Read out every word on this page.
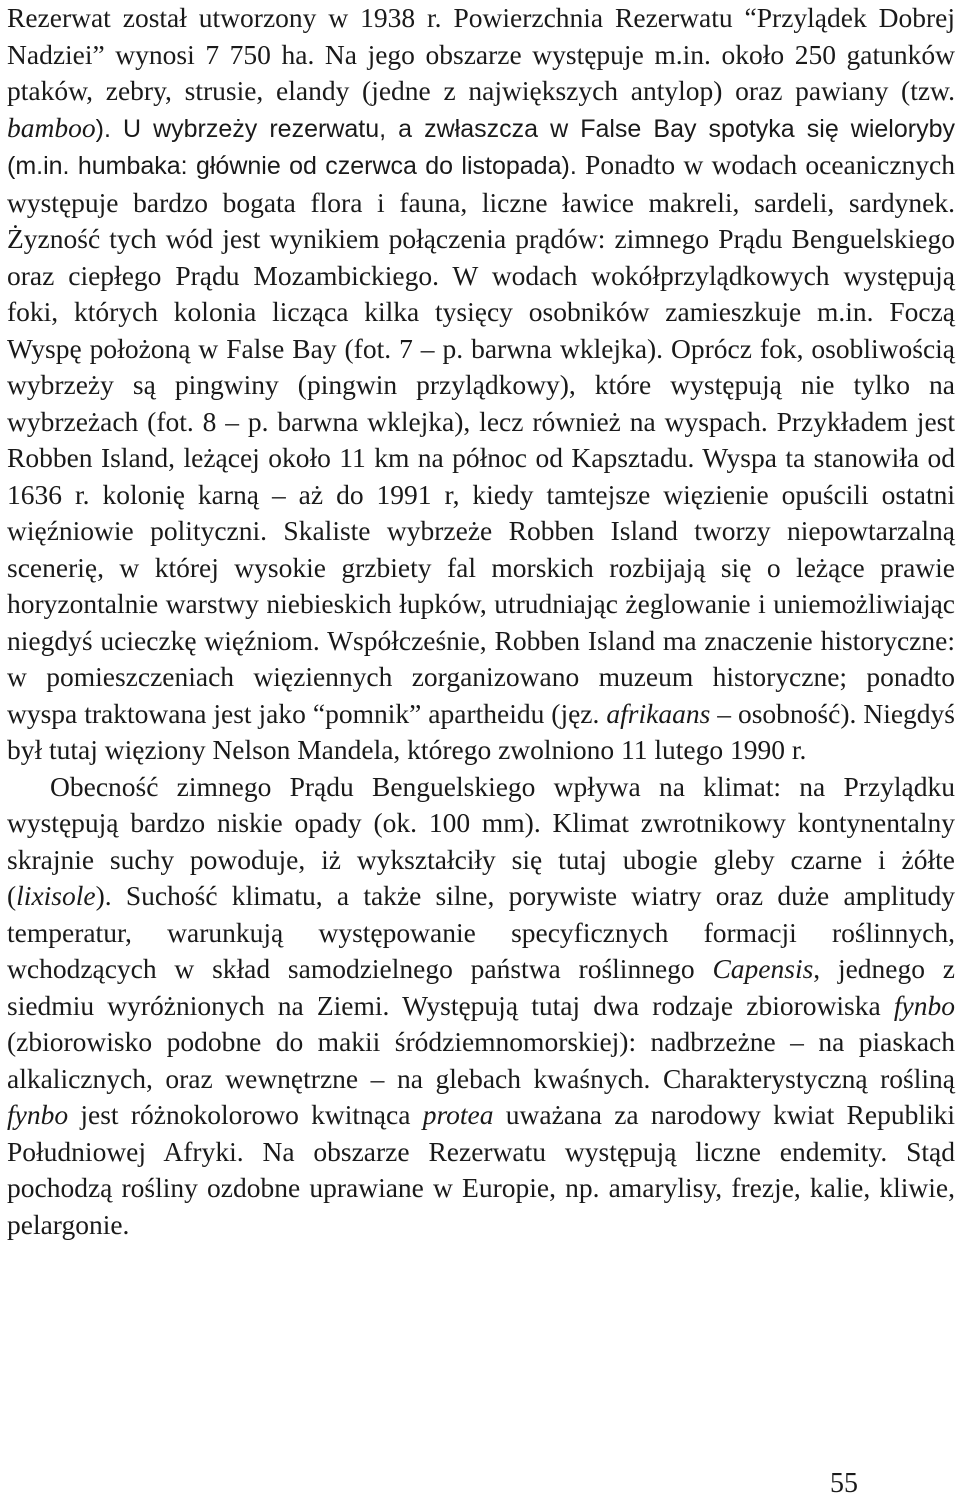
Rezerwat został utworzony w 1938 r. Powierzchnia Rezerwatu “Przylądek Dobrej Nadziei” wynosi 7 750 ha. Na jego obszarze występuje m.in. około 250 gatunków ptaków, zebry, strusie, elandy (jedne z największych antylop) oraz pawiany (tzw. bamboo). U wybrzeży rezerwatu, a zwłaszcza w False Bay spotyka się wieloryby (m.in. humbaka: głównie od czerwca do listopada). Ponadto w wodach oceanicznych występuje bardzo bogata flora i fauna, liczne ławice makreli, sardeli, sardynek. Żyzność tych wód jest wynikiem połączenia prądów: zimnego Prądu Benguelskiego oraz ciepłego Prądu Mozambickiego. W wodach wokółprzylądkowych występują foki, których kolonia licząca kilka tysięcy osobników zamieszkuje m.in. Foczą Wyspę położoną w False Bay (fot. 7 – p. barwna wklejka). Oprócz fok, osobliwością wybrzeży są pingwiny (pingwin przylądkowy), które występują nie tylko na wybrzeżach (fot. 8 – p. barwna wklejka), lecz również na wyspach. Przykładem jest Robben Island, leżącej około 11 km na północ od Kapsztadu. Wyspa ta stanowiła od 1636 r. kolonię karną – aż do 1991 r, kiedy tamtejsze więzienie opuścili ostatni więźniowie polityczni. Skaliste wybrzeże Robben Island tworzy niepowtarzalną scenerię, w której wysokie grzbiety fal morskich rozbijają się o leżące prawie horyzontalnie warstwy niebieskich łupków, utrudniając żeglowanie i uniemożliwiając niegdyś ucieczkę więźniom. Współcześnie, Robben Island ma znaczenie historyczne: w pomieszczeniach więziennych zorganizowano muzeum historyczne; ponadto wyspa traktowana jest jako “pomnik” apartheidu (jęz. afrikaans – osobność). Niegdyś był tutaj więziony Nelson Mandela, którego zwolniono 11 lutego 1990 r.

Obecność zimnego Prądu Benguelskiego wpływa na klimat: na Przylądku występują bardzo niskie opady (ok. 100 mm). Klimat zwrotnikowy kontynentalny skrajnie suchy powoduje, iż wykształciły się tutaj ubogie gleby czarne i żółte (lixisole). Suchość klimatu, a także silne, porywiste wiatry oraz duże amplitudy temperatur, warunkują występowanie specyficznych formacji roślinnych, wchodzących w skład samodzielnego państwa roślinnego Capensis, jednego z siedmiu wyróżnionych na Ziemi. Występują tutaj dwa rodzaje zbiorowiska fynbo (zbiorowisko podobne do makii śródziemnomorskiej): nadbrzeżne – na piaskach alkalicznych, oraz wewnętrzne – na glebach kwaśnych. Charakterystyczną rośliną fynbo jest różnokolorowo kwitnąca protea uważana za narodowy kwiat Republiki Południowej Afryki. Na obszarze Rezerwatu występują liczne endemity. Stąd pochodzą rośliny ozdobne uprawiane w Europie, np. amarylisy, frezje, kalie, kliwie, pelargonie.

55
